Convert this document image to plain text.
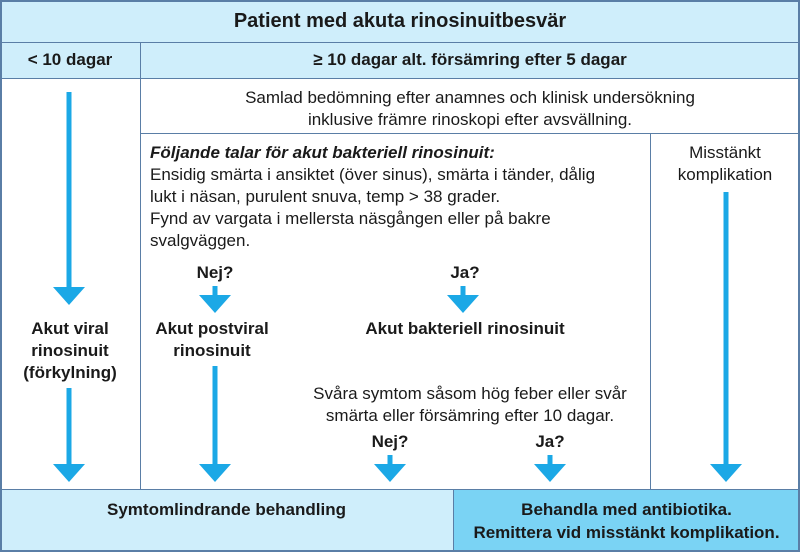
Patient med akuta rinosinuitbesvär
< 10 dagar	≥ 10 dagar alt. försämring efter 5 dagar
Samlad bedömning efter anamnes och klinisk undersökning
inklusive främre rinoskopi efter avsvällning.
Följande talar för akut bakteriell rinosinuit:
Ensidig smärta i ansiktet (över sinus), smärta i tänder, dålig
lukt i näsan, purulent snuva, temp > 38 grader.
Fynd av vargata i mellersta näsgången eller på bakre
svalgväggen.
Misstänkt
komplikation
Akut viral
rinosinuit
(förkylning)
Nej?	Ja?
Akut postviral
rinosinuit
Akut bakteriell rinosinuit
Svåra symtom såsom hög feber eller svår
smärta eller försämring efter 10 dagar.
Nej?	Ja?
Symtomlindrande behandling	Behandla med antibiotika.
Remittera vid misstänkt komplikation.
